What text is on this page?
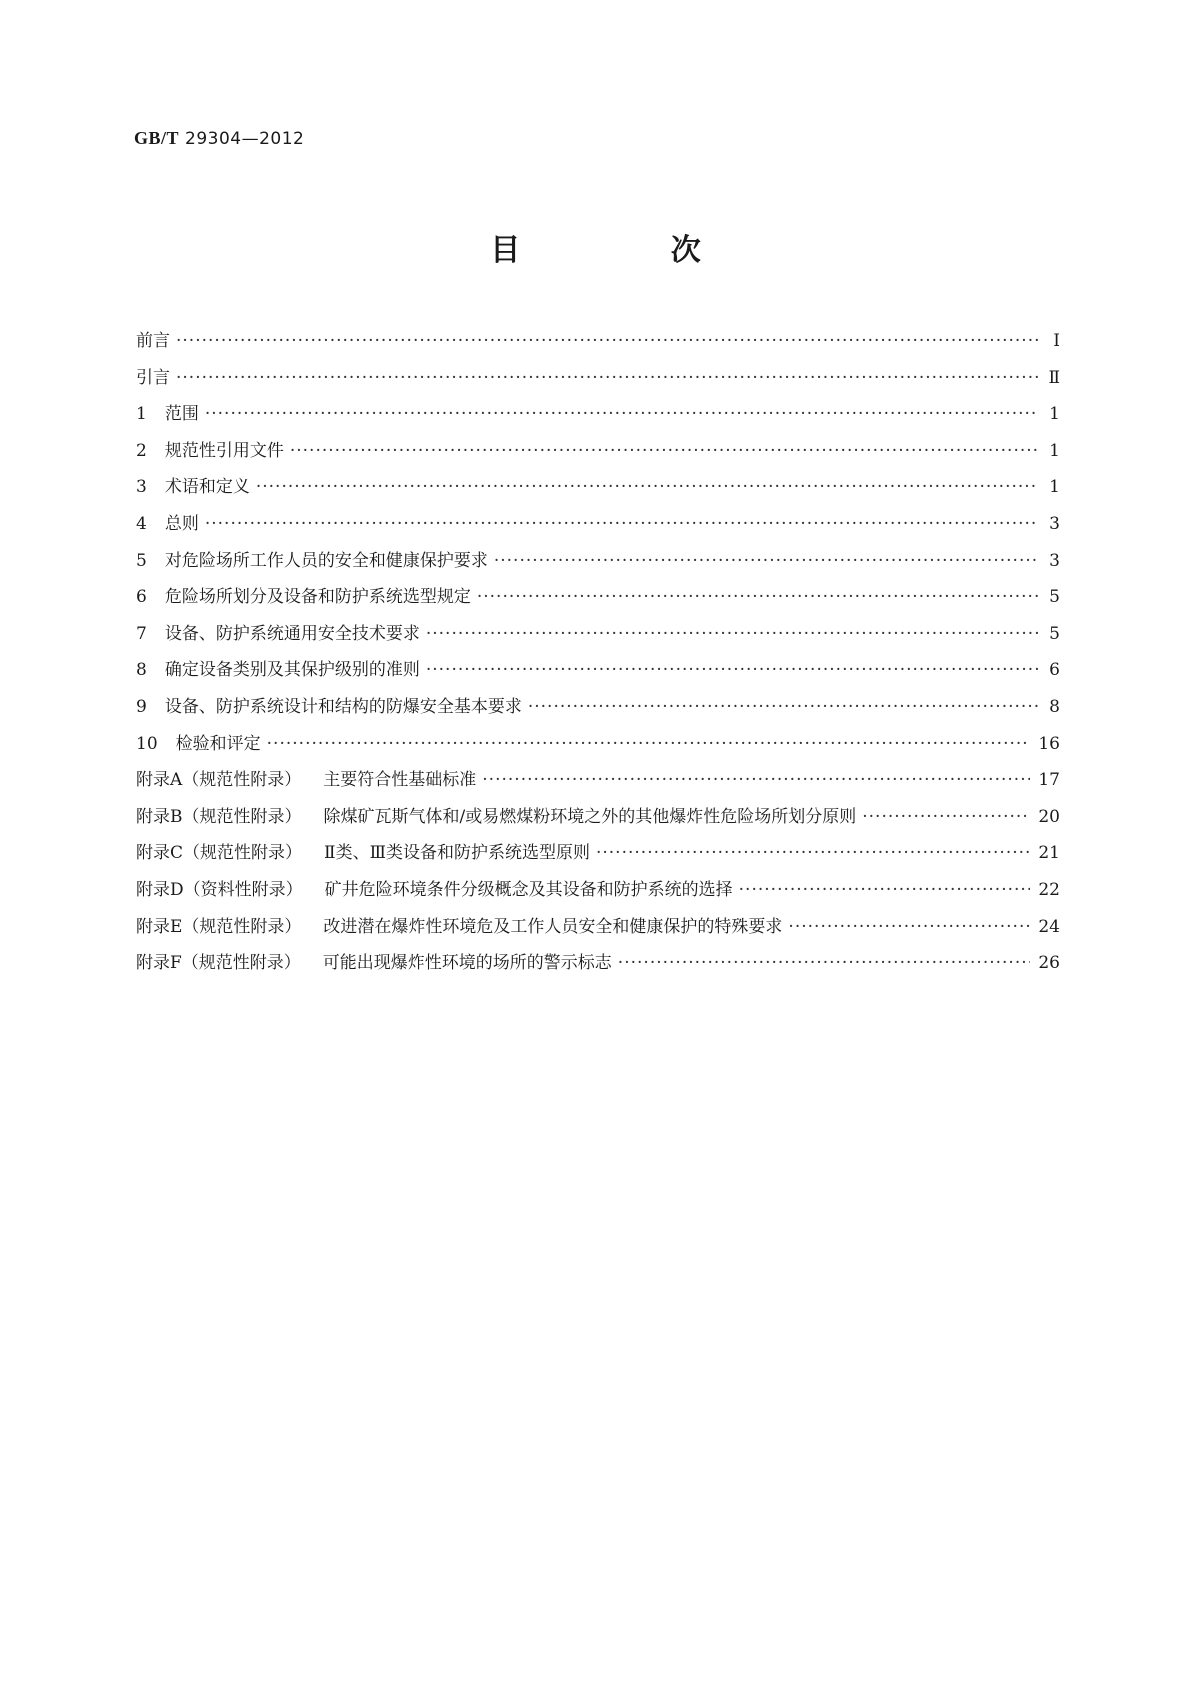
GB/T 29304—2012
目 次
前言 ·····	Ⅰ
引言 ·····	Ⅱ
1 范围 ·····	1
2 规范性引用文件 ·····	1
3 术语和定义 ·····	1
4 总则 ·····	3
5 对危险场所工作人员的安全和健康保护要求 ·····	3
6 危险场所划分及设备和防护系统选型规定 ·····	5
7 设备、防护系统通用安全技术要求 ·····	5
8 确定设备类别及其保护级别的准则 ·····	6
9 设备、防护系统设计和结构的防爆安全基本要求 ·····	8
10 检验和评定 ·····	16
附录A（规范性附录） 主要符合性基础标准 ·····	17
附录B（规范性附录） 除煤矿瓦斯气体和/或易燃煤粉环境之外的其他爆炸性危险场所划分原则 ·····	20
附录C（规范性附录） Ⅱ类、Ⅲ类设备和防护系统选型原则 ·····	21
附录D（资料性附录） 矿井危险环境条件分级概念及其设备和防护系统的选择 ·····	22
附录E（规范性附录） 改进潜在爆炸性环境危及工作人员安全和健康保护的特殊要求 ·····	24
附录F（规范性附录） 可能出现爆炸性环境的场所的警示标志 ·····	26
